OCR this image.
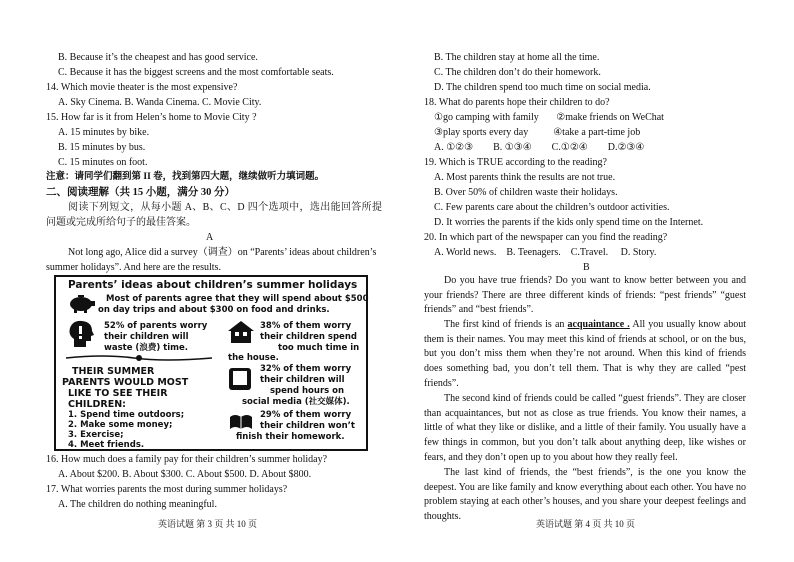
B. Because it’s the cheapest and has good service.
C. Because it has the biggest screens and the most comfortable seats.
14. Which movie theater is the most expensive?
A. Sky Cinema. B. Wanda Cinema. C. Movie City.
15. How far is it from Helen’s home to Movie City ?
A. 15 minutes by bike.
B. 15 minutes by bus.
C. 15 minutes on foot.
注意：请同学们翻到第 II 卷，找到第四大题，继续做听力填词题。
二、阅读理解（共 15 小题，满分 30 分）
阅读下列短文，从每小题 A、B、C、D 四个选项中，选出能回答所提
问题或完成所给句子的最佳答案。
A
Not long ago, Alice did a survey（调查）on “Parents’ ideas about children’s
summer holidays”. And here are the results.
Parents’ ideas about children’s summer holidays
Most of parents agree that they will spend about $500
on day trips and about $300 on food and drinks.
52% of parents worry
their children will
waste (浪费) time.
38% of them worry
their children spend
too much time in
the house.
THEIR SUMMER
PARENTS WOULD MOST
LIKE TO SEE THEIR
CHILDREN:
1. Spend time outdoors;
2. Make some money;
3. Exercise;
4. Meet friends.
32% of them worry
their children will
spend hours on
social media (社交媒体).
29% of them worry
their children won’t
finish their homework.
16. How much does a family pay for their children’s summer holiday?
A. About $200. B. About $300. C. About $500. D. About $800.
17. What worries parents the most during summer holidays?
A. The children do nothing meaningful.
英语试题 第 3 页 共 10 页
B. The children stay at home all the time.
C. The children don’t do their homework.
D. The children spend too much time on social media.
18. What do parents hope their children to do?
①go camping with family       ②make friends on WeChat
③play sports every day          ④take a part-time job
A. ①②③        B. ①③④        C.①②④        D.②③④
19. Which is TRUE according to the reading?
A. Most parents think the results are not true.
B. Over 50% of children waste their holidays.
C. Few parents care about the children’s outdoor activities.
D. It worries the parents if the kids only spend time on the Internet.
20. In which part of the newspaper can you find the reading?
A. World news.    B. Teenagers.    C.Travel.     D. Story.
B
Do you have true friends? Do you want to know better between you and your friends? There are three different kinds of friends: “pest friends” “guest friends” and “best friends”.
The first kind of friends is an acquaintance . All you usually know about them is their names. You may meet this kind of friends at school, or on the bus, but you don’t miss them when they’re not around. When this kind of friends does something bad, you don’t tell them. That is why they are called “pest friends”.
The second kind of friends could be called “guest friends”. They are closer than acquaintances, but not as close as true friends. You know their names, a little of what they like or dislike, and a little of their family. You usually have a few things in common, but you don’t talk about anything deep, like wishes or fears, and they don’t open up to you about how they really feel.
The last kind of friends, the “best friends”, is the one you know the deepest. You are like family and know everything about each other. You have no problem staying at each other’s houses, and you share your deepest feelings and thoughts.
英语试题 第 4 页 共 10 页
